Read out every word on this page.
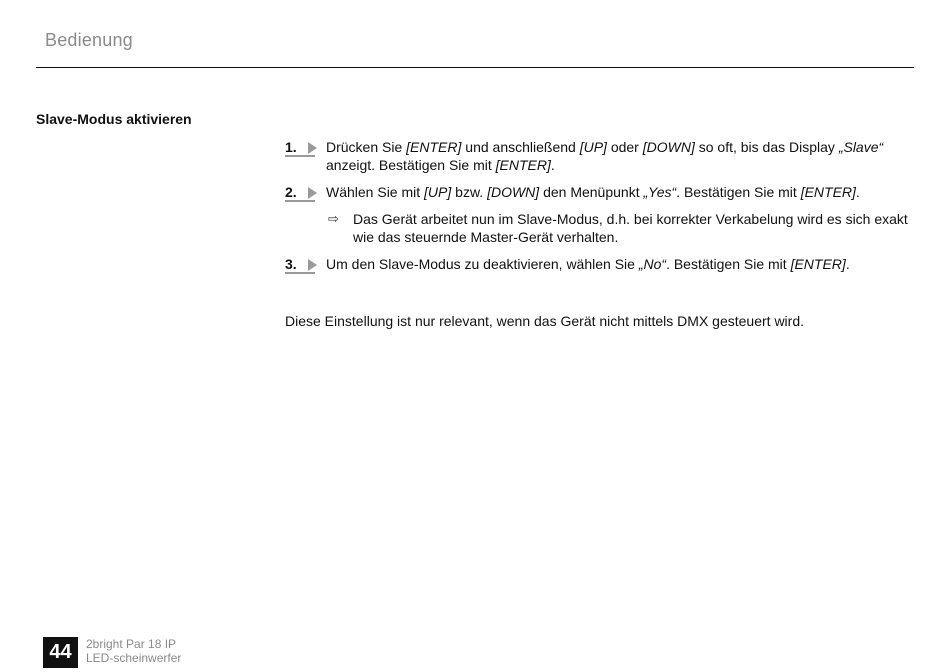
Bedienung
Slave-Modus aktivieren
1. Drücken Sie [ENTER] und anschließend [UP] oder [DOWN] so oft, bis das Display „Slave“ anzeigt. Bestätigen Sie mit [ENTER].
2. Wählen Sie mit [UP] bzw. [DOWN] den Menüpunkt „Yes“. Bestätigen Sie mit [ENTER].
⇨ Das Gerät arbeitet nun im Slave-Modus, d.h. bei korrekter Verkabelung wird es sich exakt wie das steuernde Master-Gerät verhalten.
3. Um den Slave-Modus zu deaktivieren, wählen Sie „No“. Bestätigen Sie mit [ENTER].
Diese Einstellung ist nur relevant, wenn das Gerät nicht mittels DMX gesteuert wird.
44	2bright Par 18 IP
LED-scheinwerfer
